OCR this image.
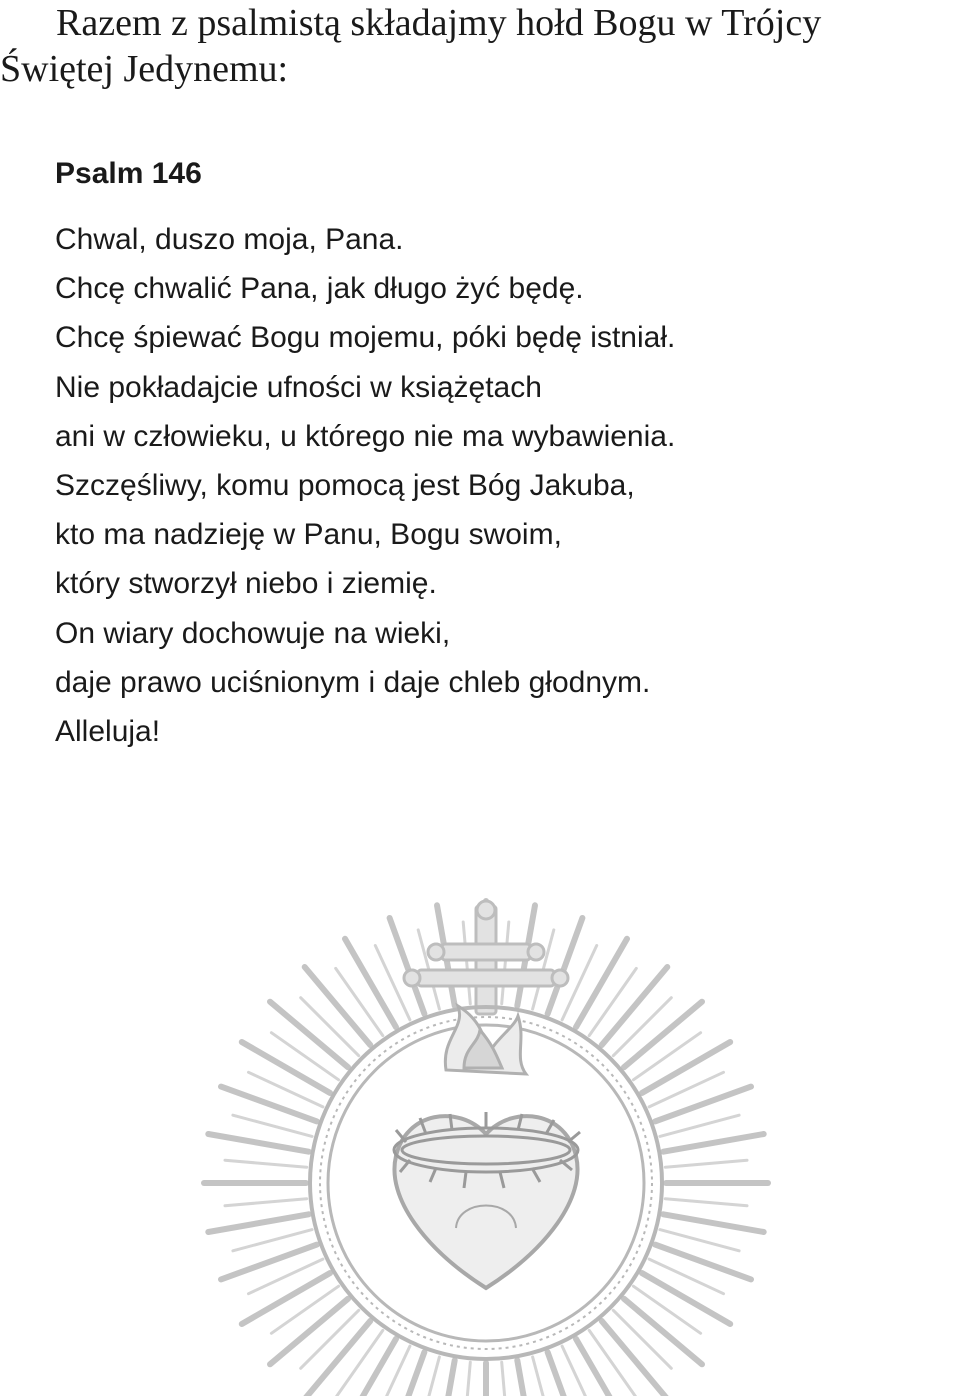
Razem z psalmistą składajmy hołd Bogu w Trójcy
Świętej Jedynemu:
Psalm 146
Chwal, duszo moja, Pana.
Chcę chwalić Pana, jak długo żyć będę.
Chcę śpiewać Bogu mojemu, póki będę istniał.
Nie pokładajcie ufności w książętach
ani w człowieku, u którego nie ma wybawienia.
Szczęśliwy, komu pomocą jest Bóg Jakuba,
kto ma nadzieję w Panu, Bogu swoim,
który stworzył niebo i ziemię.
On wiary dochowuje na wieki,
daje prawo uciśnionym i daje chleb głodnym.
Alleluja!
